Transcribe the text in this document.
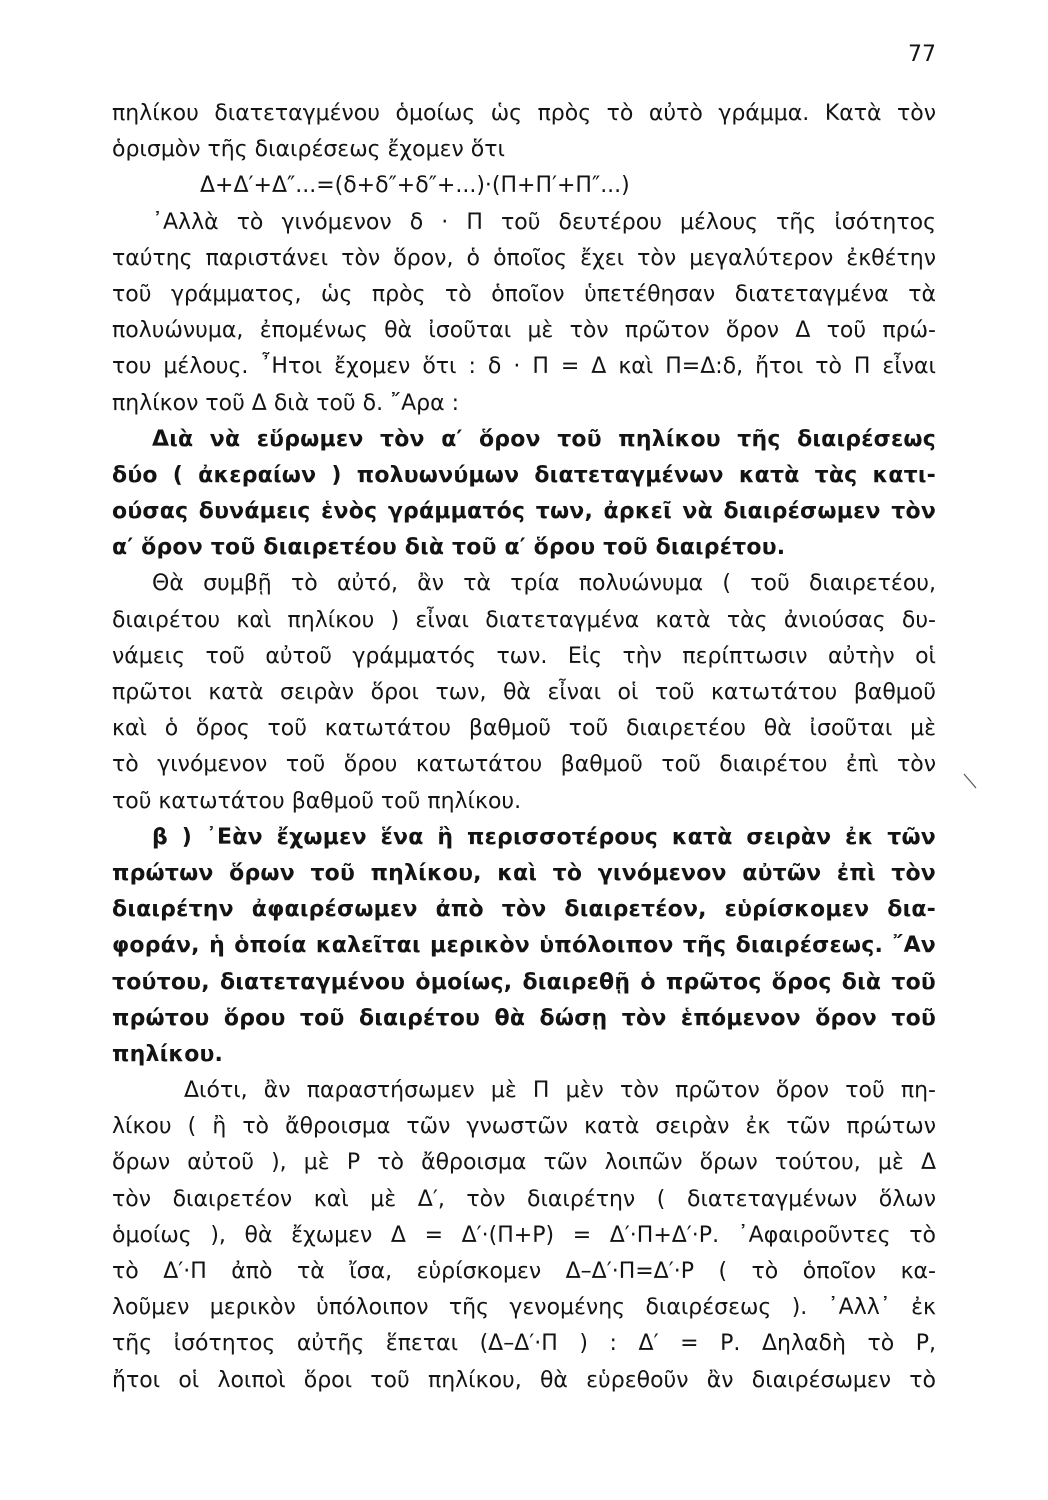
77
πηλίκου διατεταγμένου ὁμοίως ὡς πρὸς τὸ αὐτὸ γράμμα. Κατὰ τὸν
ὁρισμὸν τῆς διαιρέσεως ἔχομεν ὅτι
Δ+Δ′+Δ″...=(δ+δ″+δ″+...)·(Π+Π′+Π″...)
᾿Αλλὰ τὸ γινόμενον δ · Π τοῦ δευτέρου μέλους τῆς ἰσότητος
ταύτης παριστάνει τὸν ὅρον, ὁ ὁποῖος ἔχει τὸν μεγαλύτερον ἐκθέτην
τοῦ γράμματος, ὡς πρὸς τὸ ὁποῖον ὑπετέθησαν διατεταγμένα τὰ
πολυώνυμα, ἐπομένως θὰ ἰσοῦται μὲ τὸν πρῶτον ὅρον Δ τοῦ πρώ-
του μέλους. ῏Ητοι ἔχομεν ὅτι : δ · Π = Δ καὶ Π=Δ:δ, ἤτοι τὸ Π εἶναι
πηλίκον τοῦ Δ διὰ τοῦ δ. ῎Αρα :
Διὰ νὰ εὕρωμεν τὸν α′ ὅρον τοῦ πηλίκου τῆς διαιρέσεως
δύο ( ἀκεραίων ) πολυωνύμων διατεταγμένων κατὰ τὰς κατι-
ούσας δυνάμεις ἑνὸς γράμματός των, ἀρκεῖ νὰ διαιρέσωμεν τὸν
α′ ὅρον τοῦ διαιρετέου διὰ τοῦ α′ ὅρου τοῦ διαιρέτου.
Θὰ συμβῇ τὸ αὐτό, ἂν τὰ τρία πολυώνυμα ( τοῦ διαιρετέου,
διαιρέτου καὶ πηλίκου ) εἶναι διατεταγμένα κατὰ τὰς ἀνιούσας δυ-
νάμεις τοῦ αὐτοῦ γράμματός των. Εἰς τὴν περίπτωσιν αὐτὴν οἱ
πρῶτοι κατὰ σειρὰν ὅροι των, θὰ εἶναι οἱ τοῦ κατωτάτου βαθμοῦ
καὶ ὁ ὅρος τοῦ κατωτάτου βαθμοῦ τοῦ διαιρετέου θὰ ἰσοῦται μὲ
τὸ γινόμενον τοῦ ὅρου κατωτάτου βαθμοῦ τοῦ διαιρέτου ἐπὶ τὸν
τοῦ κατωτάτου βαθμοῦ τοῦ πηλίκου.
β ) ᾿Εὰν ἔχωμεν ἕνα ἢ περισσοτέρους κατὰ σειρὰν ἐκ τῶν
πρώτων ὅρων τοῦ πηλίκου, καὶ τὸ γινόμενον αὐτῶν ἐπὶ τὸν
διαιρέτην ἀφαιρέσωμεν ἀπὸ τὸν διαιρετέον, εὑρίσκομεν δια-
φοράν, ἡ ὁποία καλεῖται μερικὸν ὑπόλοιπον τῆς διαιρέσεως. ῎Αν
τούτου, διατεταγμένου ὁμοίως, διαιρεθῇ ὁ πρῶτος ὅρος διὰ τοῦ
πρώτου ὅρου τοῦ διαιρέτου θὰ δώσῃ τὸν ἑπόμενον ὅρον τοῦ
πηλίκου.
Διότι, ἂν παραστήσωμεν μὲ Π μὲν τὸν πρῶτον ὅρον τοῦ πη-
λίκου ( ἢ τὸ ἄθροισμα τῶν γνωστῶν κατὰ σειρὰν ἐκ τῶν πρώτων
ὅρων αὐτοῦ ), μὲ Ρ τὸ ἄθροισμα τῶν λοιπῶν ὅρων τούτου, μὲ Δ
τὸν διαιρετέον καὶ μὲ Δ′, τὸν διαιρέτην ( διατεταγμένων ὅλων
ὁμοίως ), θὰ ἔχωμεν Δ = Δ′·(Π+Ρ) = Δ′·Π+Δ′·Ρ. ᾿Αφαιροῦντες τὸ
τὸ Δ′·Π ἀπὸ τὰ ἴσα, εὑρίσκομεν Δ–Δ′·Π=Δ′·Ρ ( τὸ ὁποῖον κα-
λοῦμεν μερικὸν ὑπόλοιπον τῆς γενομένης διαιρέσεως ). ᾿Αλλ᾿ ἐκ
τῆς ἰσότητος αὐτῆς ἕπεται (Δ–Δ′·Π ) : Δ′ = Ρ. Δηλαδὴ τὸ Ρ,
ἤτοι οἱ λοιποὶ ὅροι τοῦ πηλίκου, θὰ εὑρεθοῦν ἂν διαιρέσωμεν τὸ
